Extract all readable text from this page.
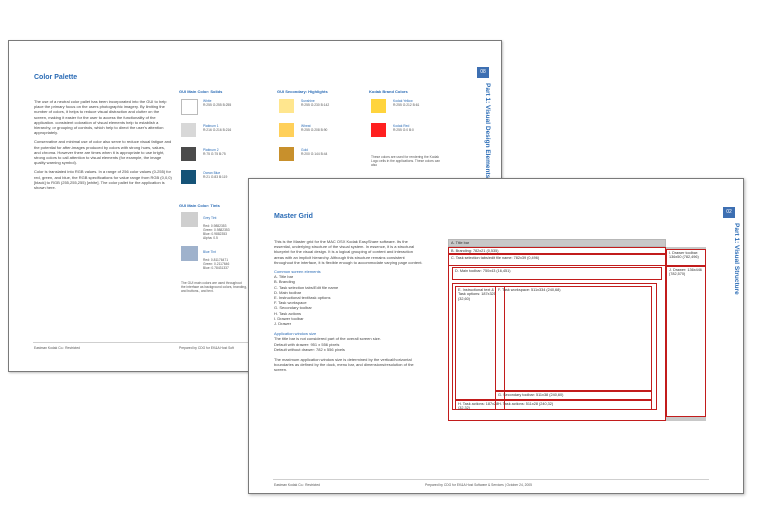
Color Palette
08
Part 1: Visual Design Elements

The use of a neutral color pallet has been incorporated into the GUI to help place the primary focus on the users photographic imagery. By limiting the number of colors, it helps to reduce visual distraction and clutter on the screen, making it easier for the user to access the functionality of the application. consistent coloration of visual elements help to establish a hierarchy, or grouping of controls, which help to direct the user's attention appropriately.

Conservative and minimal use of color also serve to reduce visual fatigue and the potential for after-images produced by colors with strong hues, values, and chroma. However there are times when it is appropriate to use bright, strong colors to call attention to visual elements (for example, the image quality warning symbol).

Color is translated into RGB values. In a range of 256 color values (0-255) for red, green, and blue, the RGB specifications for value range from RGB (0,0,0)[black] to RGB (255,255,255) [white]. The color pallet for the application is shown here.

GUI Main Color: Solids
White
R:255 G:255 B:255
Platinum 1
R:216 G:216 B:216
Platinum 2
R:75 G:75 B:75
Ocean Blue
R:21 G:83 B:119
GUI Main Color: Tints

Grey Tint

Red: 0.9882353
Green: 0.9882353
Blue: 0.9882353
Alpha: 0.5

Blue Tint

Red: 0.81176471
Green: 0.2117646
Blue: 0.78431337

The GUI main colors are used throughout the interface as background colors, branding, and buttons., and text.
GUI Secondary: Highlights
Sunshine
R:255 G:230 B:142
Wheat
R:255 G:208 B:90
Gold
R:200 G:144 B:44
Kodak Brand Colors
Kodak Yellow
R:255 G:212 B:61
Kodak Red
R:255 G:0 B:0
These colors are used for rendering the Kodak Logo cells in the applications. These colors can also
Eastman Kodak Co.: Restricted	Prepared by CDG for EK&A Host Soft
Master Grid
02
Part 1: Visual Structure

This is the Master grid for the MAC OSX Kodak EasyShare software. Its the essential, underlying structure of the visual system. In essence, it is a structural blueprint for the visual design. It is a logical grouping of content and interaction areas with an implicit hierarchy. Although this structure remains consistent throughout the interface, it is flexible enough to accommodate varying page content.

Common screen elements
A. Title bar
B. Branding
C. Task selection tabs/Edit file name
D. Main toolbar
E. Instructional text/task options
F. Task workspace
G. Secondary toolbar
H. Task actions
I. Drawer toolbar
J. Drawer
Application window size
The title bar is not considered part of the overall screen size.
Default with drawer: 951 x 556 pixels
Default without drawer: 782 x 556 pixels

The maximum application window size is determined by the vertical/horizontal boundaries as defined by the dock, menu bar, and dimensions/resolution of the screen.

A. Title bar
B. Branding: 782x21 (0,535)
C. Task selection tabs/edit file name: 782x39 (0,496)
D. Main toolbar: 750x43 (16,451)
E. Instructional text & Task options: 187x325 (32,60)
F. Task workspace: 511x334 (240,68)
G. Secondary toolbar: 511x38 (240,60)
H. Task actions: 187x28 (32,32)
H. Task actions: 511x28 (240,32)
I. Drawer toolbar: 136x50 (782,496)
J. Drawer: 136x446 (782,570)
Eastman Kodak Co.: Restricted	Prepared by CDG for EK&A Host Software & Services | October 24, 2005
